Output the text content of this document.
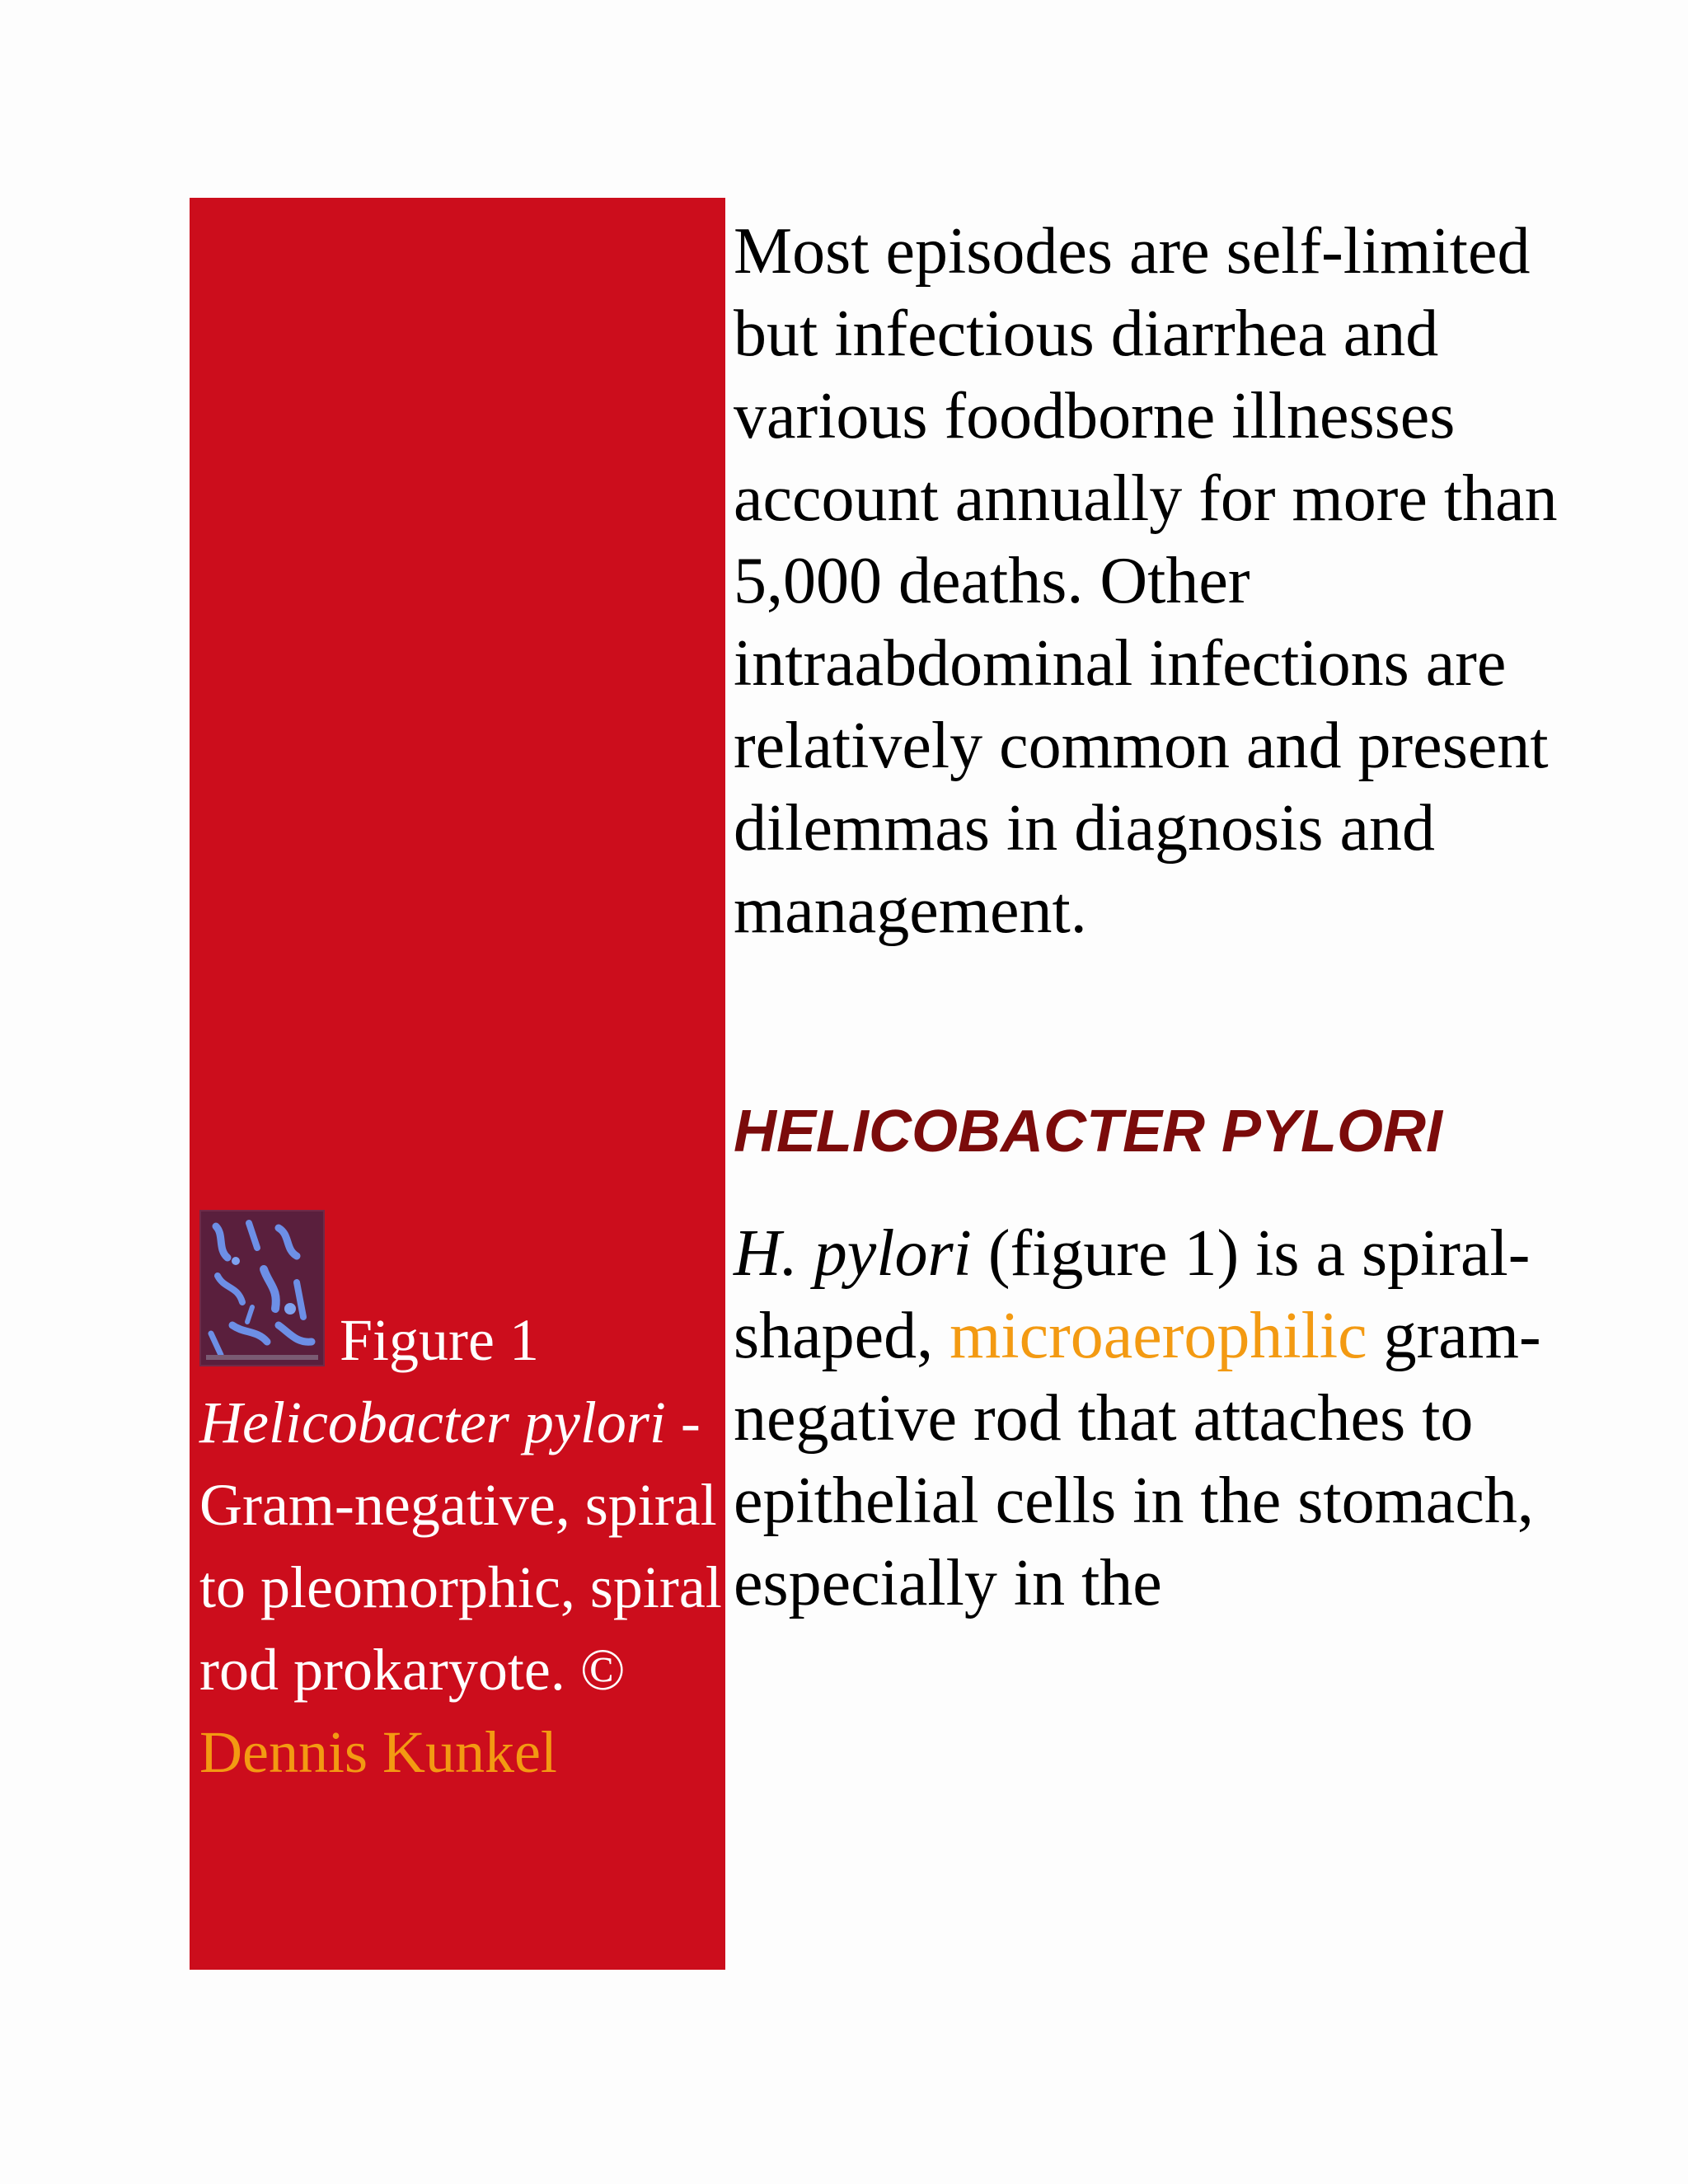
Figure 1
Helicobacter pylori - Gram-negative, spiral to pleomorphic, spiral rod prokaryote. © Dennis Kunkel

Most episodes are self-limited but infectious diarrhea and various foodborne illnesses account annually for more than 5,000 deaths. Other intraabdominal infections are relatively common and present dilemmas in diagnosis and management.

HELICOBACTER PYLORI

H. pylori (figure 1) is a spiral-shaped, microaerophilic gram-negative rod that attaches to epithelial cells in the stomach, especially in the
